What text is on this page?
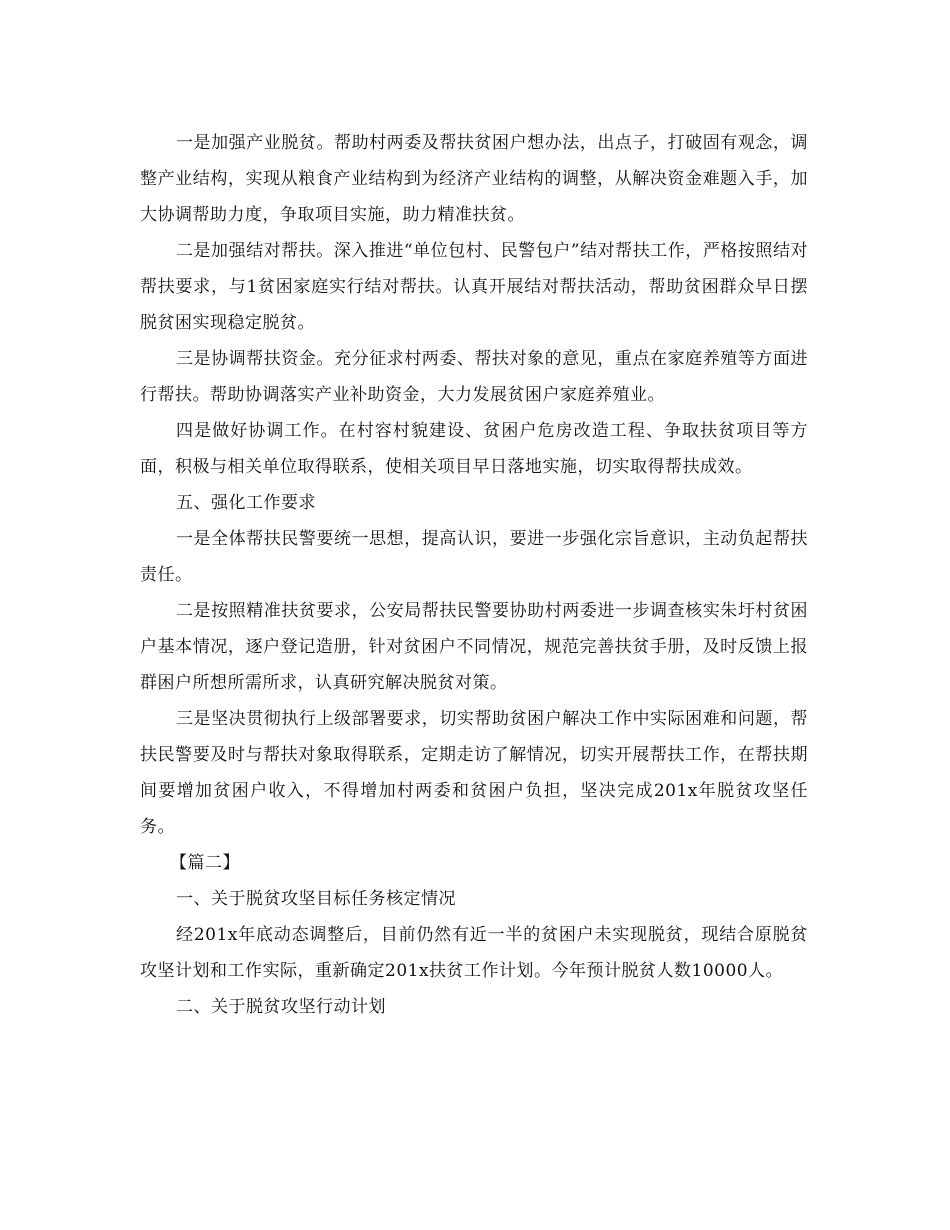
一是加强产业脱贫。帮助村两委及帮扶贫困户想办法，出点子，打破固有观念，调整产业结构，实现从粮食产业结构到为经济产业结构的调整，从解决资金难题入手，加大协调帮助力度，争取项目实施，助力精准扶贫。

二是加强结对帮扶。深入推进“单位包村、民警包户”结对帮扶工作，严格按照结对帮扶要求，与1贫困家庭实行结对帮扶。认真开展结对帮扶活动，帮助贫困群众早日摆脱贫困实现稳定脱贫。

三是协调帮扶资金。充分征求村两委、帮扶对象的意见，重点在家庭养殖等方面进行帮扶。帮助协调落实产业补助资金，大力发展贫困户家庭养殖业。

四是做好协调工作。在村容村貌建设、贫困户危房改造工程、争取扶贫项目等方面，积极与相关单位取得联系，使相关项目早日落地实施，切实取得帮扶成效。

五、强化工作要求

一是全体帮扶民警要统一思想，提高认识，要进一步强化宗旨意识，主动负起帮扶责任。

二是按照精准扶贫要求，公安局帮扶民警要协助村两委进一步调查核实朱圩村贫困户基本情况，逐户登记造册，针对贫困户不同情况，规范完善扶贫手册，及时反馈上报群困户所想所需所求，认真研究解决脱贫对策。

三是坚决贯彻执行上级部署要求，切实帮助贫困户解决工作中实际困难和问题，帮扶民警要及时与帮扶对象取得联系，定期走访了解情况，切实开展帮扶工作，在帮扶期间要增加贫困户收入，不得增加村两委和贫困户负担，坚决完成201x年脱贫攻坚任务。

【篇二】

一、关于脱贫攻坚目标任务核定情况

经201x年底动态调整后，目前仍然有近一半的贫困户未实现脱贫，现结合原脱贫攻坚计划和工作实际，重新确定201x扶贫工作计划。今年预计脱贫人数10000人。

二、关于脱贫攻坚行动计划
